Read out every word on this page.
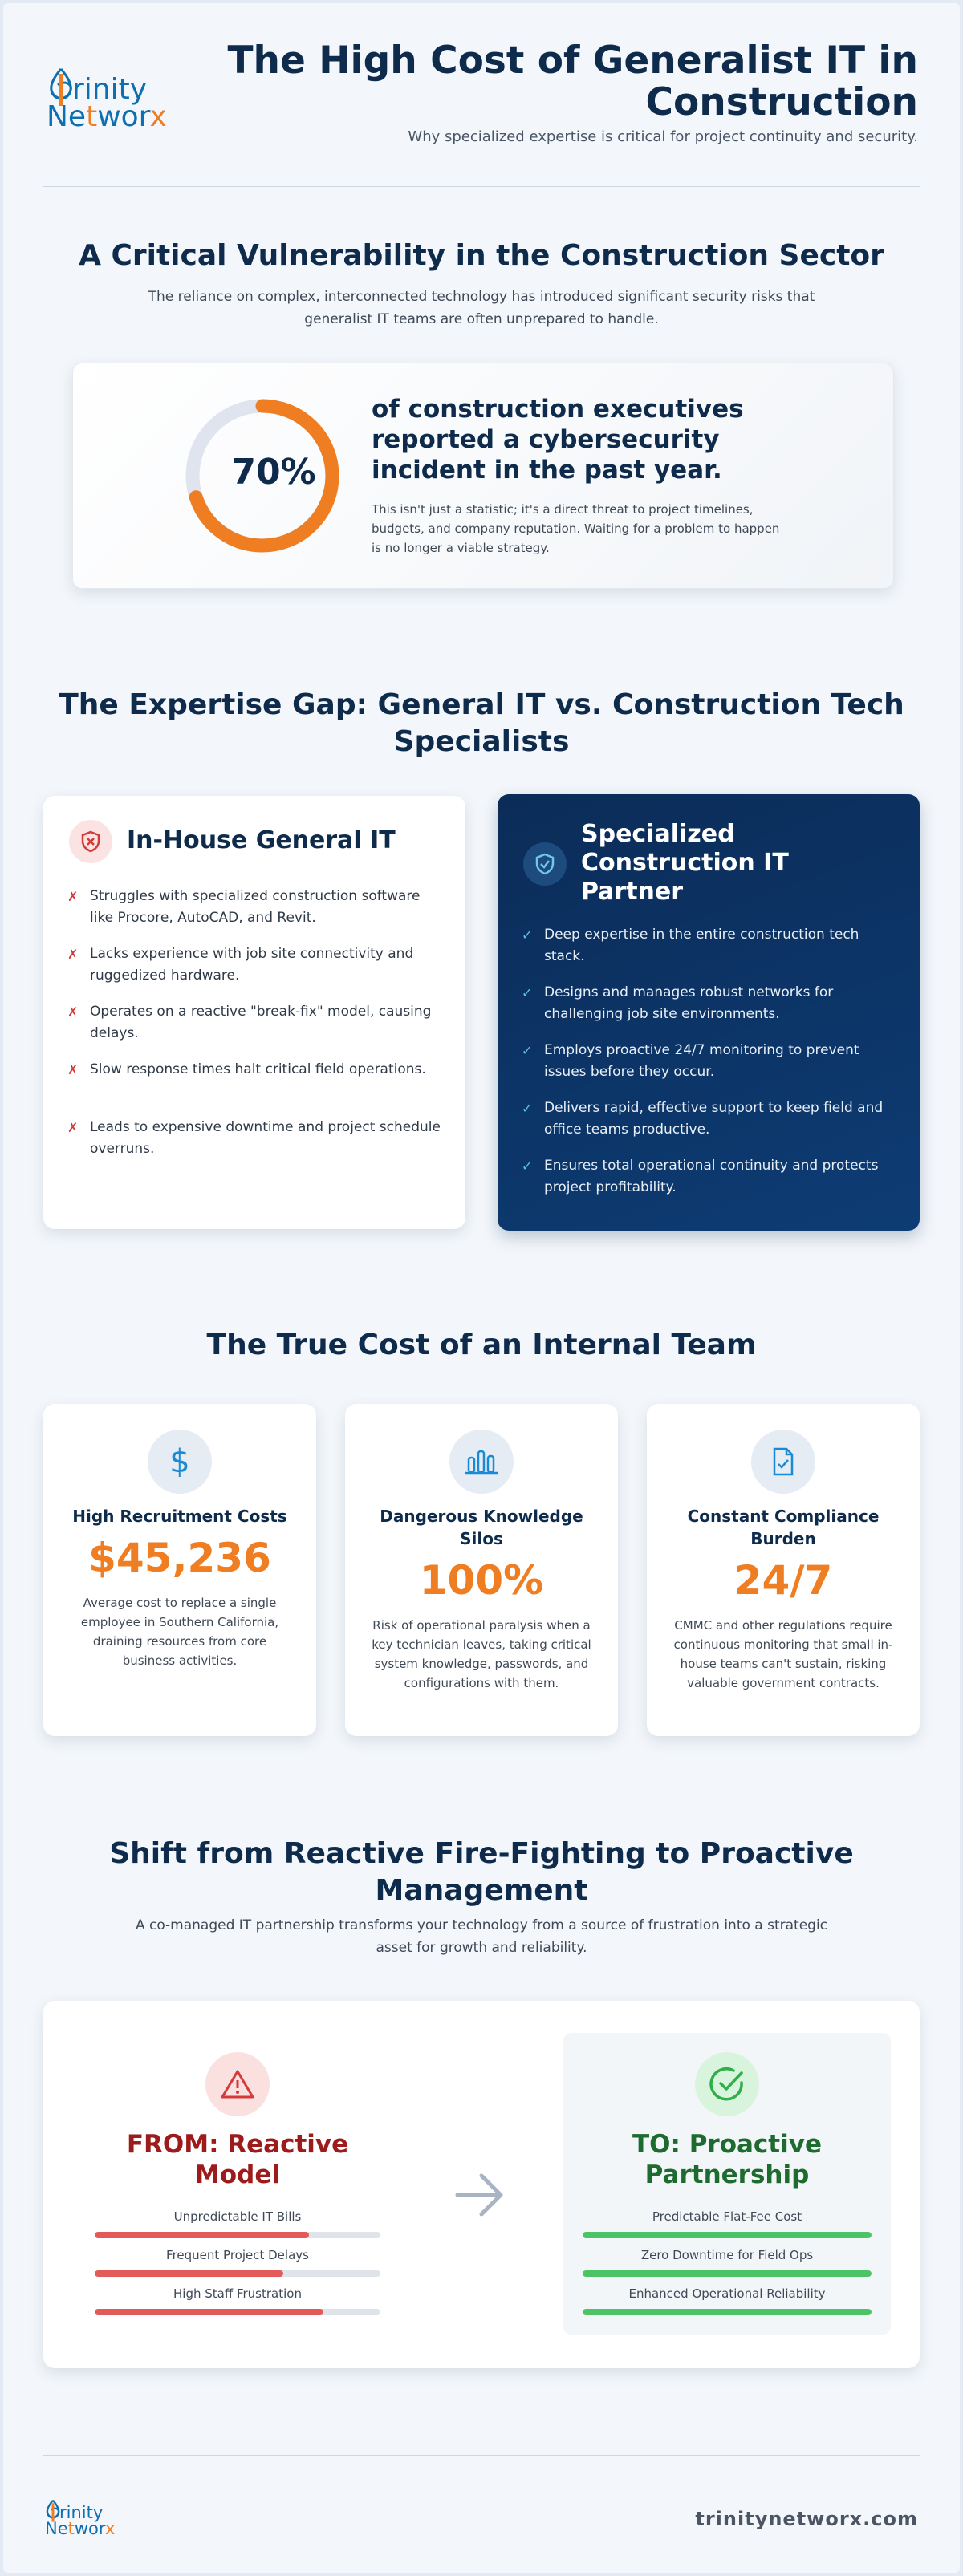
rinity
Networx
The High Cost of Generalist IT in Construction
Why specialized expertise is critical for project continuity and security.
A Critical Vulnerability in the Construction Sector
The reliance on complex, interconnected technology has introduced significant security risks that generalist IT teams are often unprepared to handle.
70%
of construction executives reported a cybersecurity incident in the past year.
This isn't just a statistic; it's a direct threat to project timelines, budgets, and company reputation. Waiting for a problem to happen is no longer a viable strategy.
The Expertise Gap: General IT vs. Construction Tech Specialists
In-House General IT
✗ Struggles with specialized construction software like Procore, AutoCAD, and Revit.
✗ Lacks experience with job site connectivity and ruggedized hardware.
✗ Operates on a reactive "break-fix" model, causing delays.
✗ Slow response times halt critical field operations.
✗ Leads to expensive downtime and project schedule overruns.
Specialized Construction IT Partner
✓ Deep expertise in the entire construction tech stack.
✓ Designs and manages robust networks for challenging job site environments.
✓ Employs proactive 24/7 monitoring to prevent issues before they occur.
✓ Delivers rapid, effective support to keep field and office teams productive.
✓ Ensures total operational continuity and protects project profitability.
The True Cost of an Internal Team
$
High Recruitment Costs
$45,236
Average cost to replace a single employee in Southern California, draining resources from core business activities.
Dangerous Knowledge Silos
100%
Risk of operational paralysis when a key technician leaves, taking critical system knowledge, passwords, and configurations with them.
Constant Compliance Burden
24/7
CMMC and other regulations require continuous monitoring that small in-house teams can't sustain, risking valuable government contracts.
Shift from Reactive Fire-Fighting to Proactive Management
A co-managed IT partnership transforms your technology from a source of frustration into a strategic asset for growth and reliability.
FROM: Reactive Model
Unpredictable IT Bills
Frequent Project Delays
High Staff Frustration
TO: Proactive Partnership
Predictable Flat-Fee Cost
Zero Downtime for Field Ops
Enhanced Operational Reliability
rinity
Networx	trinitynetworx.com
